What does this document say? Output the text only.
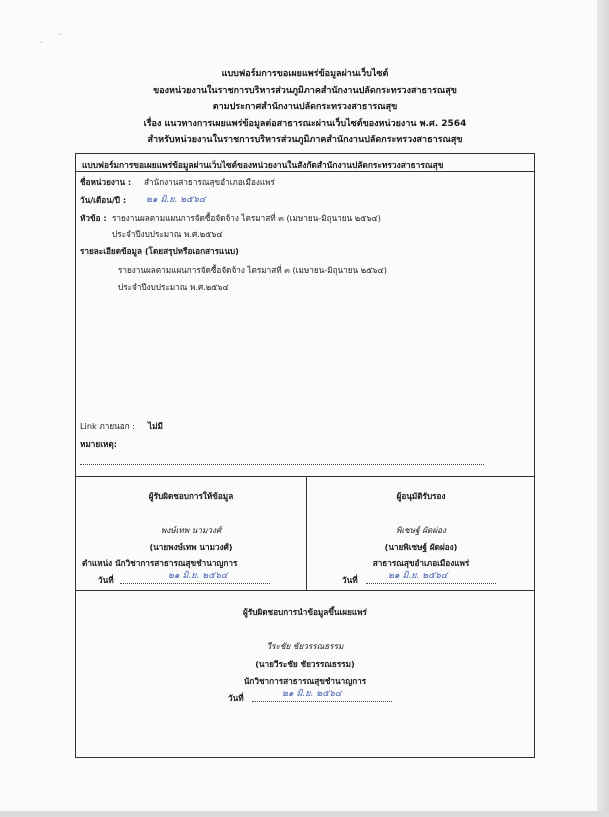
·
ˎ
แบบฟอร์มการขอเผยแพร่ข้อมูลผ่านเว็บไซต์
ของหน่วยงานในราชการบริหารส่วนภูมิภาคสำนักงานปลัดกระทรวงสาธารณสุข
ตามประกาศสำนักงานปลัดกระทรวงสาธารณสุข
เรื่อง แนวทางการเผยแพร่ข้อมูลต่อสาธารณะผ่านเว็บไซต์ของหน่วยงาน พ.ศ. 2564
สำหรับหน่วยงานในราชการบริหารส่วนภูมิภาคสำนักงานปลัดกระทรวงสาธารณสุข
แบบฟอร์มการขอเผยแพร่ข้อมูลผ่านเว็บไซต์ของหน่วยงานในสังกัดสำนักงานปลัดกระทรวงสาธารณสุข
ชื่อหน่วยงาน : สำนักงานสาธารณสุขอำเภอเมืองแพร่
วัน/เดือน/ปี : ๒๑ มิ.ย. ๒๕๖๔
หัวข้อ : รายงานผลตามแผนการจัดซื้อจัดจ้าง ไตรมาสที่ ๓ (เมษายน-มิถุนายน ๒๕๖๔)
ประจำปีงบประมาณ พ.ศ.๒๕๖๔
รายละเอียดข้อมูล (โดยสรุปหรือเอกสารแนบ)
รายงานผลตามแผนการจัดซื้อจัดจ้าง ไตรมาสที่ ๓ (เมษายน-มิถุนายน ๒๕๖๔)
ประจำปีงบประมาณ พ.ศ.๒๕๖๔
Link ภายนอก : ไม่มี
หมายเหตุ:
ผู้รับผิดชอบการให้ข้อมูล
พงษ์เทพ นามวงศ์
(นายพงษ์เทพ นามวงศ์)
ตำแหน่ง นักวิชาการสาธารณสุขชำนาญการ
วันที่	๒๑ มิ.ย. ๒๕๖๔
ผู้อนุมัติรับรอง
พิเชษฐ์ ผัดผ่อง
(นายพิเชษฐ์ ผัดผ่อง)
สาธารณสุขอำเภอเมืองแพร่
วันที่	๒๑ มิ.ย. ๒๕๖๔
ผู้รับผิดชอบการนำข้อมูลขึ้นเผยแพร่
วีระชัย ชัยวรรณธรรม
(นายวีระชัย ชัยวรรณธรรม)
นักวิชาการสาธารณสุขชำนาญการ
วันที่	๒๑ มิ.ย. ๒๕๖๔
